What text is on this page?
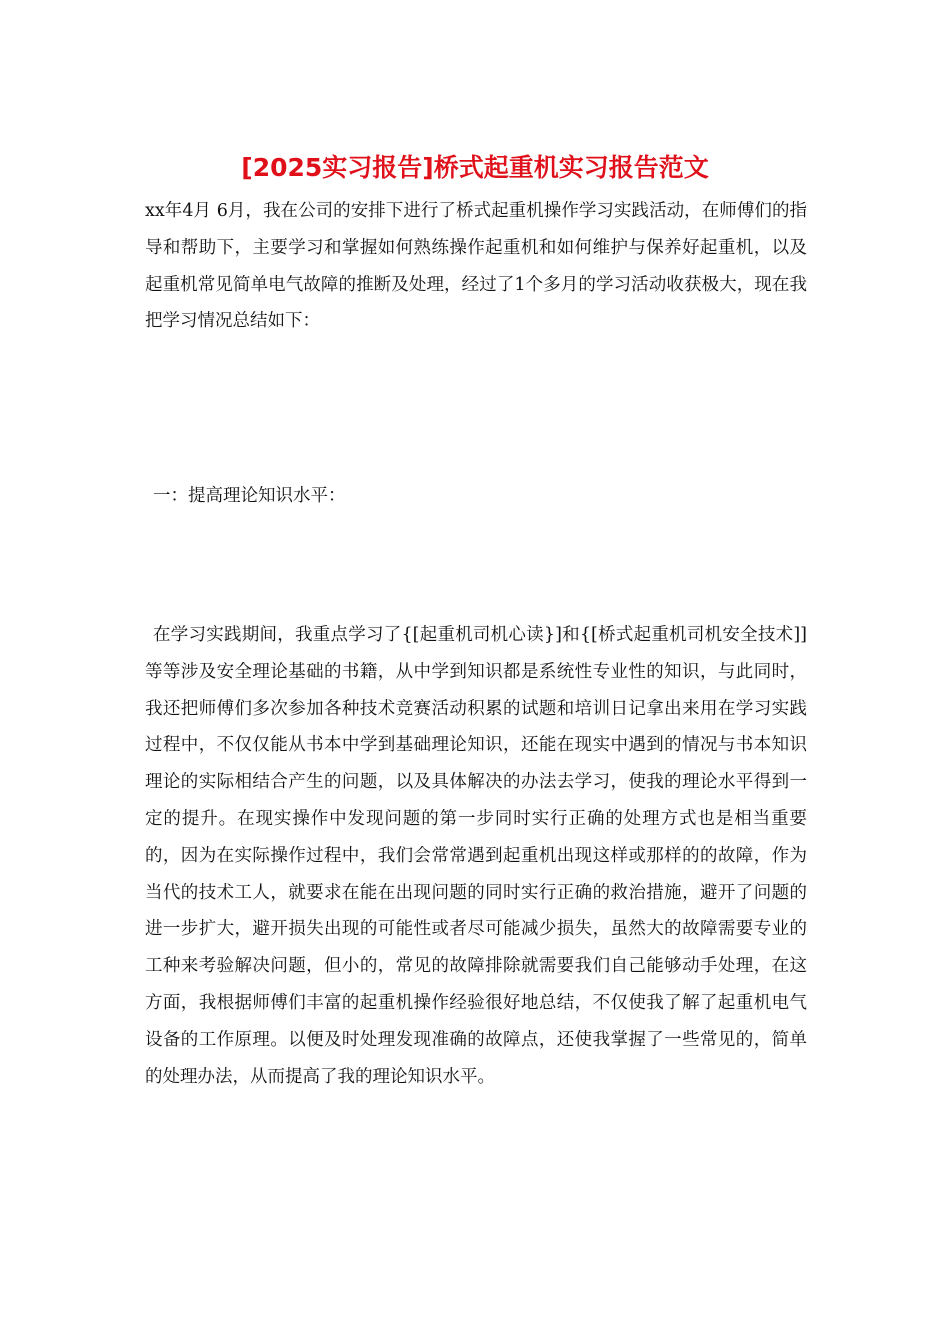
[2025实习报告]桥式起重机实习报告范文

xx年4月 6月，我在公司的安排下进行了桥式起重机操作学习实践活动，在师傅们的指导和帮助下，主要学习和掌握如何熟练操作起重机和如何维护与保养好起重机，以及起重机常见简单电气故障的推断及处理，经过了1个多月的学习活动收获极大，现在我把学习情况总结如下：

一：提高理论知识水平：

在学习实践期间，我重点学习了{[起重机司机心读}]和{[桥式起重机司机安全技术]]等等涉及安全理论基础的书籍，从中学到知识都是系统性专业性的知识，与此同时，我还把师傅们多次参加各种技术竞赛活动积累的试题和培训日记拿出来用在学习实践过程中，不仅仅能从书本中学到基础理论知识，还能在现实中遇到的情况与书本知识理论的实际相结合产生的问题，以及具体解决的办法去学习，使我的理论水平得到一定的提升。在现实操作中发现问题的第一步同时实行正确的处理方式也是相当重要的，因为在实际操作过程中，我们会常常遇到起重机出现这样或那样的的故障，作为当代的技术工人，就要求在能在出现问题的同时实行正确的救治措施，避开了问题的进一步扩大，避开损失出现的可能性或者尽可能减少损失，虽然大的故障需要专业的工种来考验解决问题，但小的，常见的故障排除就需要我们自己能够动手处理，在这方面，我根据师傅们丰富的起重机操作经验很好地总结，不仅使我了解了起重机电气设备的工作原理。以便及时处理发现准确的故障点，还使我掌握了一些常见的，简单的处理办法，从而提高了我的理论知识水平。
